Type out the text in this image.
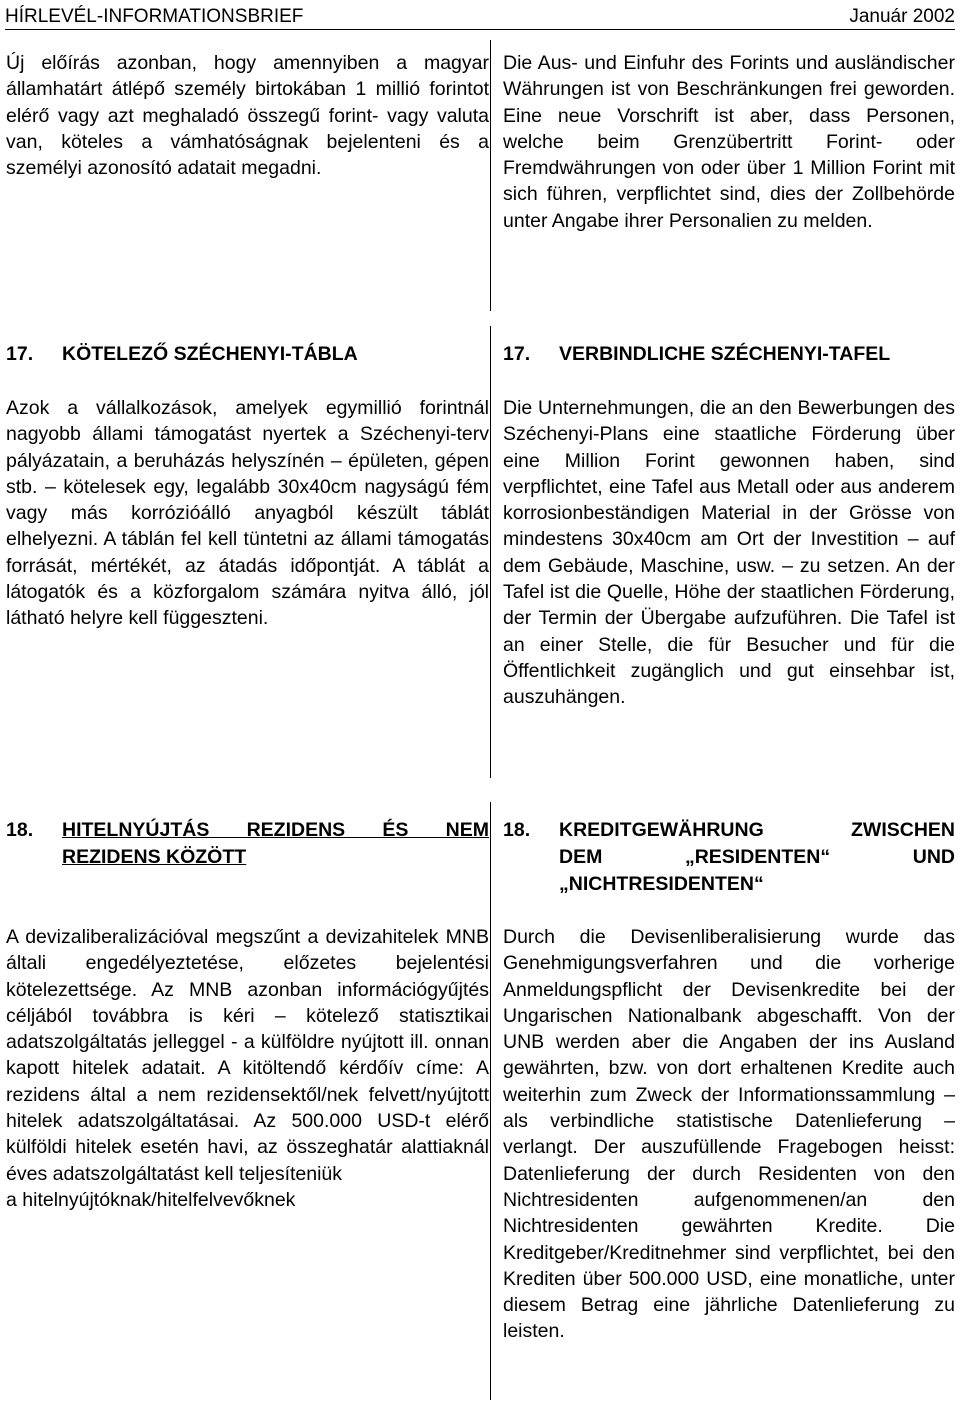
HÍRLEVÉL-INFORMATIONSBRIEF	Január 2002
Új előírás azonban, hogy amennyiben a magyar államhatárt átlépő személy birtokában 1 millió forintot elérő vagy azt meghaladó összegű forint- vagy valuta van, köteles a vámhatóságnak bejelenteni és a személyi azonosító adatait megadni.
Die Aus- und Einfuhr des Forints und ausländischer Währungen ist von Beschränkungen frei geworden. Eine neue Vorschrift ist aber, dass Personen, welche beim Grenzübertritt Forint- oder Fremdwährungen von oder über 1 Million Forint mit sich führen, verpflichtet sind, dies der Zollbehörde unter Angabe ihrer Personalien zu melden.
17. KÖTELEZŐ SZÉCHENYI-TÁBLA	17. VERBINDLICHE SZÉCHENYI-TAFEL
Azok a vállalkozások, amelyek egymillió forintnál nagyobb állami támogatást nyertek a Széchenyi-terv pályázatain, a beruházás helyszínén – épületen, gépen stb. – kötelesek egy, legalább 30x40cm nagyságú fém vagy más korrózióálló anyagból készült táblát elhelyezni. A táblán fel kell tüntetni az állami támogatás forrását, mértékét, az átadás időpontját. A táblát a látogatók és a közforgalom számára nyitva álló, jól látható helyre kell függeszteni.
Die Unternehmungen, die an den Bewerbungen des Széchenyi-Plans eine staatliche Förderung über eine Million Forint gewonnen haben, sind verpflichtet, eine Tafel aus Metall oder aus anderem korrosionbeständigen Material in der Grösse von mindestens 30x40cm am Ort der Investition – auf dem Gebäude, Maschine, usw. – zu setzen. An der Tafel ist die Quelle, Höhe der staatlichen Förderung, der Termin der Übergabe aufzuführen. Die Tafel ist an einer Stelle, die für Besucher und für die Öffentlichkeit zugänglich und gut einsehbar ist, auszuhängen.
18. HITELNYÚJTÁS REZIDENS ÉS NEM
REZIDENS KÖZÖTT
18. KREDITGEWÄHRUNG ZWISCHEN
DEM „RESIDENTEN“ UND
„NICHTRESIDENTEN“
A devizaliberalizációval megszűnt a devizahitelek MNB általi engedélyeztetése, előzetes bejelentési kötelezettsége. Az MNB azonban információgyűjtés céljából továbbra is kéri – kötelező statisztikai adatszolgáltatás jelleggel - a külföldre nyújtott ill. onnan kapott hitelek adatait. A kitöltendő kérdőív címe: A rezidens által a nem rezidensektől/nek felvett/nyújtott hitelek adatszolgáltatásai. Az 500.000 USD-t elérő külföldi hitelek esetén havi, az összeghatár alattiaknál éves adatszolgáltatást kell teljesíteniük
a hitelnyújtóknak/hitelfelvevőknek
Durch die Devisenliberalisierung wurde das Genehmigungsverfahren und die vorherige Anmeldungspflicht der Devisenkredite bei der Ungarischen Nationalbank abgeschafft. Von der UNB werden aber die Angaben der ins Ausland gewährten, bzw. von dort erhaltenen Kredite auch weiterhin zum Zweck der Informationssammlung – als verbindliche statistische Datenlieferung – verlangt. Der auszufüllende Fragebogen heisst: Datenlieferung der durch Residenten von den Nichtresidenten aufgenommenen/an den Nichtresidenten gewährten Kredite. Die Kreditgeber/Kreditnehmer sind verpflichtet, bei den Krediten über 500.000 USD, eine monatliche, unter diesem Betrag eine jährliche Datenlieferung zu leisten.
